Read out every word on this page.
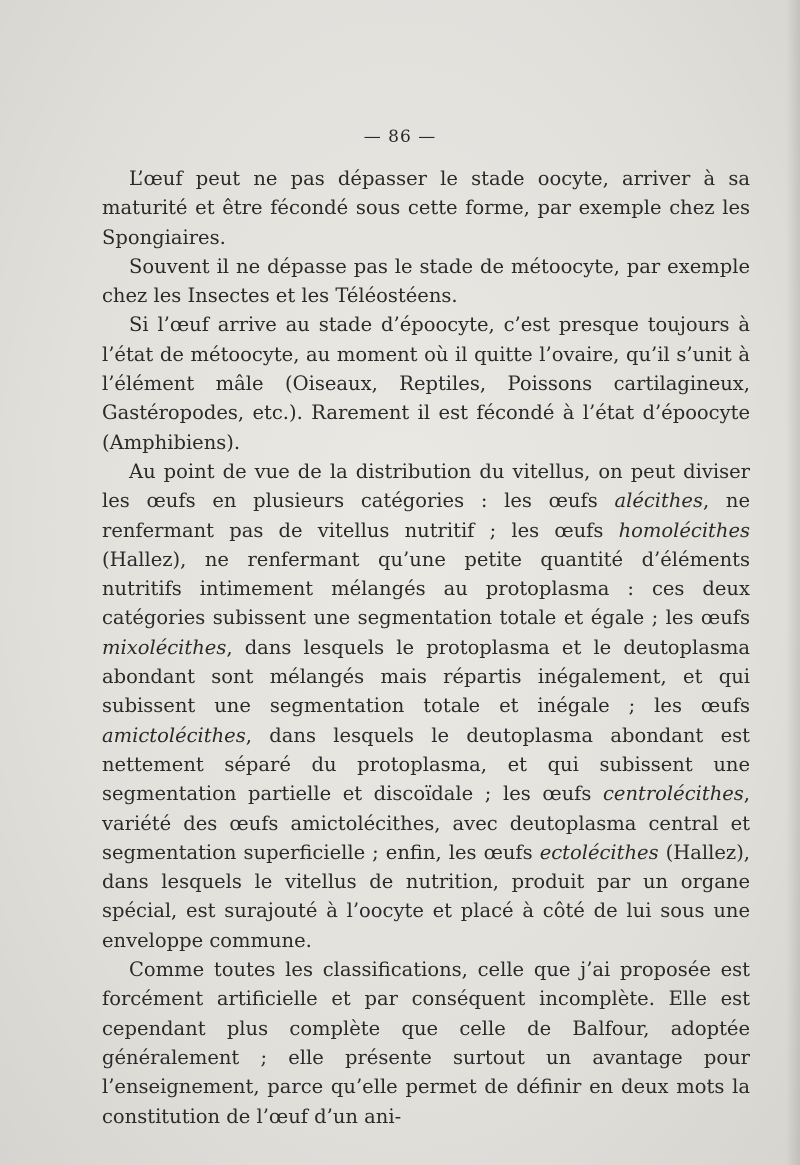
— 86 —

L’œuf peut ne pas dépasser le stade oocyte, arriver à sa maturité et être fécondé sous cette forme, par exemple chez les Spongiaires.

Souvent il ne dépasse pas le stade de métoocyte, par exemple chez les Insectes et les Téléostéens.

Si l’œuf arrive au stade d’époocyte, c’est presque toujours à l’état de métoocyte, au moment où il quitte l’ovaire, qu’il s’unit à l’élément mâle (Oiseaux, Reptiles, Poissons cartilagineux, Gastéropodes, etc.). Rarement il est fécondé à l’état d’époocyte (Amphibiens).

Au point de vue de la distribution du vitellus, on peut diviser les œufs en plusieurs catégories : les œufs alécithes, ne renfermant pas de vitellus nutritif ; les œufs homolécithes (Hallez), ne renfermant qu’une petite quantité d’éléments nutritifs intimement mélangés au protoplasma : ces deux catégories subissent une segmentation totale et égale ; les œufs mixolécithes, dans lesquels le protoplasma et le deutoplasma abondant sont mélangés mais répartis inégalement, et qui subissent une segmentation totale et inégale ; les œufs amictolécithes, dans lesquels le deutoplasma abondant est nettement séparé du protoplasma, et qui subissent une segmentation partielle et discoïdale ; les œufs centrolécithes, variété des œufs amictolécithes, avec deutoplasma central et segmentation superficielle ; enfin, les œufs ectolécithes (Hallez), dans lesquels le vitellus de nutrition, produit par un organe spécial, est surajouté à l’oocyte et placé à côté de lui sous une enveloppe commune.

Comme toutes les classifications, celle que j’ai proposée est forcément artificielle et par conséquent incomplète. Elle est cependant plus complète que celle de Balfour, adoptée généralement ; elle présente surtout un avantage pour l’enseignement, parce qu’elle permet de définir en deux mots la constitution de l’œuf d’un ani-
